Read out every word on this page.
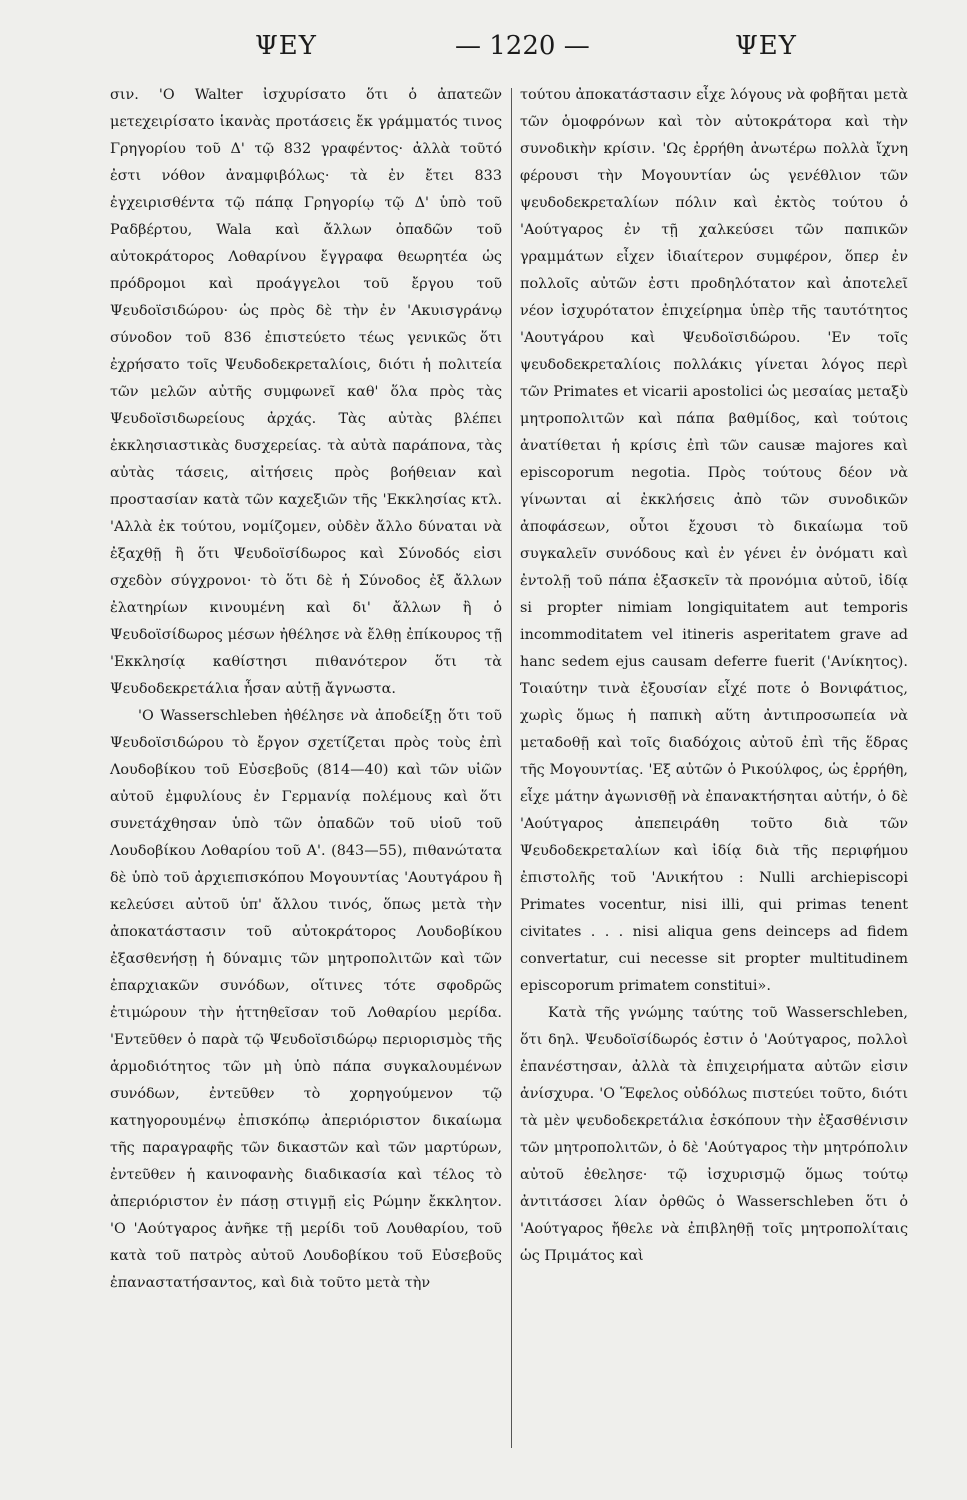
ΨΕΥ	— 1220 —	ΨΕΥ

σιν. 'Ο Walter ἰσχυρίσατο ὅτι ὁ ἀπατεῶν μετεχειρίσατο ἱκανὰς προτάσεις ἔκ γράμματός τινος Γρηγορίου τοῦ Δ' τῷ 832 γραφέντος· ἀλλὰ τοῦτό ἐστι νόθον ἀναμφιβόλως· τὰ ἐν ἔτει 833 ἐγχειρισθέντα τῷ πάπᾳ Γρηγορίῳ τῷ Δ' ὑπὸ τοῦ Ραδβέρτου, Wala καὶ ἄλλων ὀπαδῶν τοῦ αὐτοκράτορος Λοθαρίνου ἔγγραφα θεωρητέα ὡς πρόδρομοι καὶ προάγγελοι τοῦ ἔργου τοῦ Ψευδοϊσιδώρου· ὡς πρὸς δὲ τὴν ἐν 'Ακυισγράνῳ σύνοδον τοῦ 836 ἐπιστεύετο τέως γενικῶς ὅτι ἐχρήσατο τοῖς Ψευδοδεκρεταλίοις, διότι ἡ πολιτεία τῶν μελῶν αὐτῆς συμφωνεῖ καθ' ὅλα πρὸς τὰς Ψευδοϊσιδωρείους ἀρχάς. Τὰς αὐτὰς βλέπει ἐκκλησιαστικὰς δυσχερείας. τὰ αὐτὰ παράπονα, τὰς αὐτὰς τάσεις, αἰτήσεις πρὸς βοήθειαν καὶ προστασίαν κατὰ τῶν καχεξιῶν τῆς 'Εκκλησίας κτλ. 'Αλλὰ ἐκ τούτου, νομίζομεν, οὐδὲν ἄλλο δύναται νὰ ἐξαχθῇ ἢ ὅτι Ψευδοϊσίδωρος καὶ Σύνοδός εἰσι σχεδὸν σύγχρονοι· τὸ ὅτι δὲ ἡ Σύνοδος ἐξ ἄλλων ἐλατηρίων κινουμένη καὶ δι' ἄλλων ἢ ὁ Ψευδοϊσίδωρος μέσων ἠθέλησε νὰ ἔλθῃ ἐπίκουρος τῇ 'Εκκλησίᾳ καθίστησι πιθανότερον ὅτι τὰ Ψευδοδεκρετάλια ἦσαν αὐτῇ ἄγνωστα.

'Ο Wasserschleben ἠθέλησε νὰ ἀποδείξῃ ὅτι τοῦ Ψευδοϊσιδώρου τὸ ἔργον σχετίζεται πρὸς τοὺς ἐπὶ Λουδοβίκου τοῦ Εὐσεβοῦς (814—40) καὶ τῶν υἱῶν αὐτοῦ ἐμφυλίους ἐν Γερμανίᾳ πολέμους καὶ ὅτι συνετάχθησαν ὑπὸ τῶν ὀπαδῶν τοῦ υἱοῦ τοῦ Λουδοβίκου Λοθαρίου τοῦ Α'. (843—55), πιθανώτατα δὲ ὑπὸ τοῦ ἀρχιεπισκόπου Μογουντίας 'Αουτγάρου ἢ κελεύσει αὐτοῦ ὑπ' ἄλλου τινός, ὅπως μετὰ τὴν ἀποκατάστασιν τοῦ αὐτοκράτορος Λουδοβίκου ἐξασθενήσῃ ἡ δύναμις τῶν μητροπολιτῶν καὶ τῶν ἐπαρχιακῶν συνόδων, οἵτινες τότε σφοδρῶς ἐτιμώρουν τὴν ἡττηθεῖσαν τοῦ Λοθαρίου μερίδα. 'Εντεῦθεν ὁ παρὰ τῷ Ψευδοϊσιδώρῳ περιορισμὸς τῆς ἁρμοδιότητος τῶν μὴ ὑπὸ πάπα συγκαλουμένων συνόδων, ἐντεῦθεν τὸ χορηγούμενον τῷ κατηγορουμένῳ ἐπισκόπῳ ἀπεριόριστον δικαίωμα τῆς παραγραφῆς τῶν δικαστῶν καὶ τῶν μαρτύρων, ἐντεῦθεν ἡ καινοφανὴς διαδικασία καὶ τέλος τὸ ἀπεριόριστον ἐν πάσῃ στιγμῇ εἰς Ρώμην ἔκκλητον. 'Ο 'Αούτγαρος ἀνῆκε τῇ μερίδι τοῦ Λουθαρίου, τοῦ κατὰ τοῦ πατρὸς αὐτοῦ Λουδοβίκου τοῦ Εὐσεβοῦς ἐπαναστατήσαντος, καὶ διὰ τοῦτο μετὰ τὴν

τούτου ἀποκατάστασιν εἶχε λόγους νὰ φοβῆται μετὰ τῶν ὁμοφρόνων καὶ τὸν αὐτοκράτορα καὶ τὴν συνοδικὴν κρίσιν. 'Ως ἐρρήθη ἀνωτέρω πολλὰ ἴχνη φέρουσι τὴν Μογουντίαν ὡς γενέθλιον τῶν ψευδοδεκρεταλίων πόλιν καὶ ἐκτὸς τούτου ὁ 'Αούτγαρος ἐν τῇ χαλκεύσει τῶν παπικῶν γραμμάτων εἶχεν ἰδιαίτερον συμφέρον, ὅπερ ἐν πολλοῖς αὐτῶν ἐστι προδηλότατον καὶ ἀποτελεῖ νέον ἰσχυρότατον ἐπιχείρημα ὑπὲρ τῆς ταυτότητος 'Αουτγάρου καὶ Ψευδοϊσιδώρου. 'Εν τοῖς ψευδοδεκρεταλίοις πολλάκις γίνεται λόγος περὶ τῶν Primates et vicarii apostolici ὡς μεσαίας μεταξὺ μητροπολιτῶν καὶ πάπα βαθμίδος, καὶ τούτοις ἀνατίθεται ἡ κρίσις ἐπὶ τῶν causæ majores καὶ episcoporum negotia. Πρὸς τούτους δέον νὰ γίνωνται αἱ ἐκκλήσεις ἀπὸ τῶν συνοδικῶν ἀποφάσεων, οὗτοι ἔχουσι τὸ δικαίωμα τοῦ συγκαλεῖν συνόδους καὶ ἐν γένει ἐν ὀνόματι καὶ ἐντολῇ τοῦ πάπα ἐξασκεῖν τὰ προνόμια αὐτοῦ, ἰδίᾳ si propter nimiam longiquitatem aut temporis incommoditatem vel itineris asperitatem grave ad hanc sedem ejus causam deferre fuerit ('Ανίκητος). Τοιαύτην τινὰ ἐξουσίαν εἶχέ ποτε ὁ Βονιφάτιος, χωρὶς ὅμως ἡ παπικὴ αὕτη ἀντιπροσωπεία νὰ μεταδοθῇ καὶ τοῖς διαδόχοις αὐτοῦ ἐπὶ τῆς ἕδρας τῆς Μογουντίας. 'Εξ αὐτῶν ὁ Ρικούλφος, ὡς ἐρρήθη, εἶχε μάτην ἀγωνισθῇ νὰ ἐπανακτήσηται αὐτήν, ὁ δὲ 'Αούτγαρος ἀπεπειράθη τοῦτο διὰ τῶν Ψευδοδεκρεταλίων καὶ ἰδίᾳ διὰ τῆς περιφήμου ἐπιστολῆς τοῦ 'Ανικήτου : Nulli archiepiscopi Primates vocentur, nisi illi, qui primas tenent civitates . . . nisi aliqua gens deinceps ad fidem convertatur, cui necesse sit propter multitudinem episcoporum primatem constitui».

Κατὰ τῆς γνώμης ταύτης τοῦ Wasserschleben, ὅτι δηλ. Ψευδοϊσίδωρός ἐστιν ὁ 'Αούτγαρος, πολλοὶ ἐπανέστησαν, ἀλλὰ τὰ ἐπιχειρήματα αὐτῶν εἰσιν ἀνίσχυρα. 'Ο Ἕφελος οὐδόλως πιστεύει τοῦτο, διότι τὰ μὲν ψευδοδεκρετάλια ἐσκόπουν τὴν ἐξασθένισιν τῶν μητροπολιτῶν, ὁ δὲ 'Αούτγαρος τὴν μητρόπολιν αὐτοῦ ἐθελησε· τῷ ἰσχυρισμῷ ὅμως τούτῳ ἀντιτάσσει λίαν ὀρθῶς ὁ Wasserschleben ὅτι ὁ 'Αούτγαρος ἤθελε νὰ ἐπιβληθῇ τοῖς μητροπολίταις ὡς Πριμάτος καὶ
